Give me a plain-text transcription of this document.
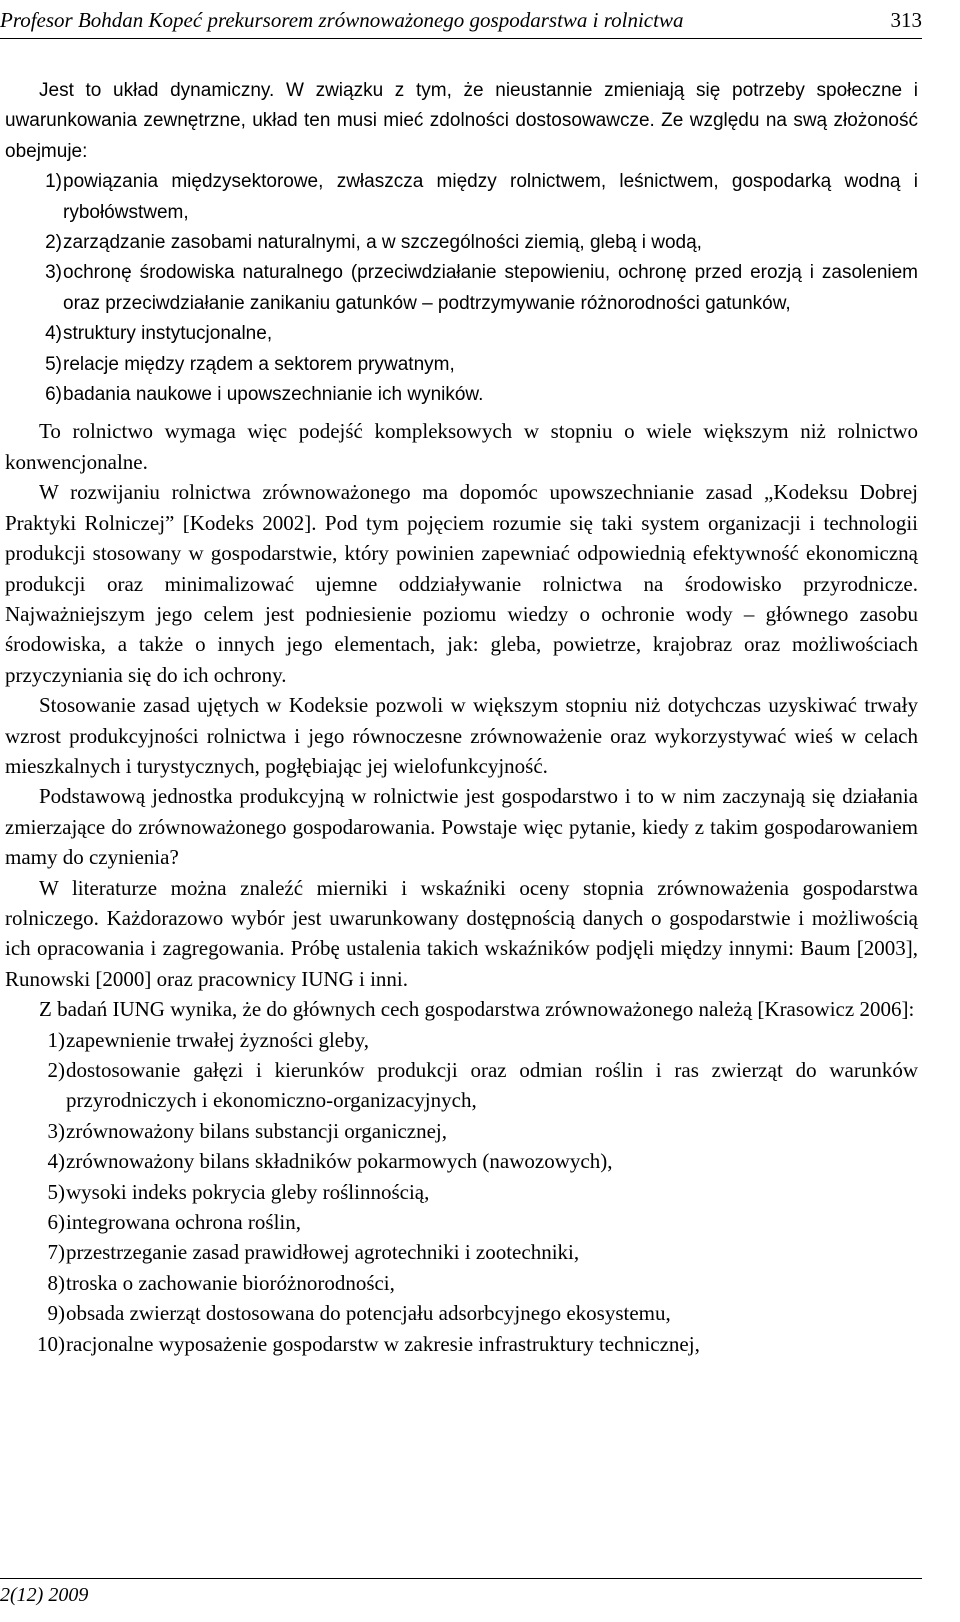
Profesor Bohdan Kopeć prekursorem zrównoważonego gospodarstwa i rolnictwa	313

Jest to układ dynamiczny. W związku z tym, że nieustannie zmieniają się potrzeby społeczne i uwarunkowania zewnętrzne, układ ten musi mieć zdolności dostosowawcze. Ze względu na swą złożoność obejmuje:

1) powiązania międzysektorowe, zwłaszcza między rolnictwem, leśnictwem, gospodarką wodną i rybołówstwem,
2) zarządzanie zasobami naturalnymi, a w szczególności ziemią, glebą i wodą,
3) ochronę środowiska naturalnego (przeciwdziałanie stepowieniu, ochronę przed erozją i zasoleniem oraz przeciwdziałanie zanikaniu gatunków – podtrzymywanie różnorodności gatunków,
4) struktury instytucjonalne,
5) relacje między rządem a sektorem prywatnym,
6) badania naukowe i upowszechnianie ich wyników.

To rolnictwo wymaga więc podejść kompleksowych w stopniu o wiele większym niż rolnictwo konwencjonalne.

W rozwijaniu rolnictwa zrównoważonego ma dopomóc upowszechnianie zasad „Kodeksu Dobrej Praktyki Rolniczej” [Kodeks 2002]. Pod tym pojęciem rozumie się taki system organizacji i technologii produkcji stosowany w gospodarstwie, który powinien zapewniać odpowiednią efektywność ekonomiczną produkcji oraz minimalizować ujemne oddziaływanie rolnictwa na środowisko przyrodnicze. Najważniejszym jego celem jest podniesienie poziomu wiedzy o ochronie wody – głównego zasobu środowiska, a także o innych jego elementach, jak: gleba, powietrze, krajobraz oraz możliwościach przyczyniania się do ich ochrony.

Stosowanie zasad ujętych w Kodeksie pozwoli w większym stopniu niż dotychczas uzyskiwać trwały wzrost produkcyjności rolnictwa i jego równoczesne zrównoważenie oraz wykorzystywać wieś w celach mieszkalnych i turystycznych, pogłębiając jej wielofunkcyjność.

Podstawową jednostka produkcyjną w rolnictwie jest gospodarstwo i to w nim zaczynają się działania zmierzające do zrównoważonego gospodarowania. Powstaje więc pytanie, kiedy z takim gospodarowaniem mamy do czynienia?

W literaturze można znaleźć mierniki i wskaźniki oceny stopnia zrównoważenia gospodarstwa rolniczego. Każdorazowo wybór jest uwarunkowany dostępnością danych o gospodarstwie i możliwością ich opracowania i zagregowania. Próbę ustalenia takich wskaźników podjęli między innymi: Baum [2003], Runowski [2000] oraz pracownicy IUNG i inni.

Z badań IUNG wynika, że do głównych cech gospodarstwa zrównoważonego należą [Krasowicz 2006]:

1) zapewnienie trwałej żyzności gleby,
2) dostosowanie gałęzi i kierunków produkcji oraz odmian roślin i ras zwierząt do warunków przyrodniczych i ekonomiczno-organizacyjnych,
3) zrównoważony bilans substancji organicznej,
4) zrównoważony bilans składników pokarmowych (nawozowych),
5) wysoki indeks pokrycia gleby roślinnością,
6) integrowana ochrona roślin,
7) przestrzeganie zasad prawidłowej agrotechniki i zootechniki,
8) troska o zachowanie bioróżnorodności,
9) obsada zwierząt dostosowana do potencjału adsorbcyjnego ekosystemu,
10) racjonalne wyposażenie gospodarstw w zakresie infrastruktury technicznej,
2(12) 2009
